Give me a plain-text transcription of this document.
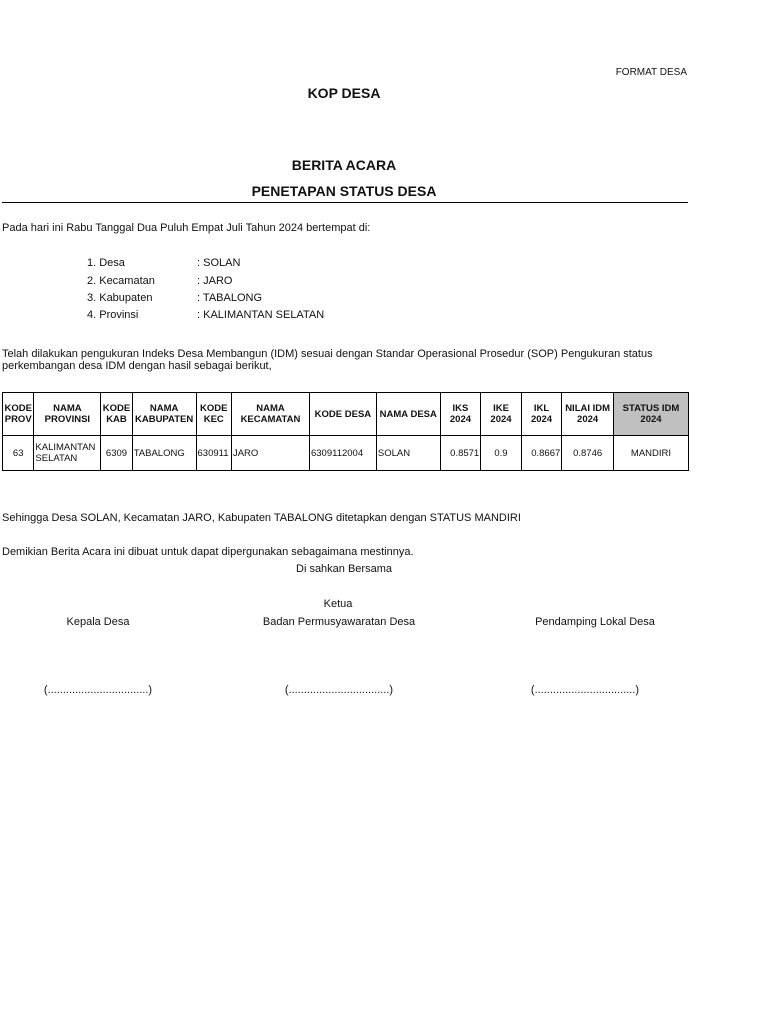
FORMAT DESA
KOP DESA
BERITA ACARA
PENETAPAN STATUS DESA
Pada hari ini Rabu Tanggal Dua Puluh Empat Juli Tahun 2024 bertempat di:
1. Desa	: SOLAN
2. Kecamatan	: JARO
3. Kabupaten	: TABALONG
4. Provinsi	: KALIMANTAN SELATAN
Telah dilakukan pengukuran Indeks Desa Membangun (IDM) sesuai dengan Standar Operasional Prosedur (SOP) Pengukuran status perkembangan desa IDM dengan hasil sebagai berikut,
KODE PROV	NAMA PROVINSI	KODE KAB	NAMA KABUPATEN	KODE KEC	NAMA KECAMATAN	KODE DESA	NAMA DESA	IKS 2024	IKE 2024	IKL 2024	NILAI IDM 2024	STATUS IDM 2024
63	KALIMANTAN SELATAN	6309	TABALONG	630911	JARO	6309112004	SOLAN	0.8571	0.9	0.8667	0.8746	MANDIRI
Sehingga Desa SOLAN, Kecamatan JARO, Kabupaten TABALONG ditetapkan dengan STATUS MANDIRI
Demikian Berita Acara ini dibuat untuk dapat dipergunakan sebagaimana mestinnya.
Di sahkan Bersama
Ketua
Kepala Desa	Badan Permusyawaratan Desa	Pendamping Lokal Desa
(.................................)	(.................................)	(.................................)
